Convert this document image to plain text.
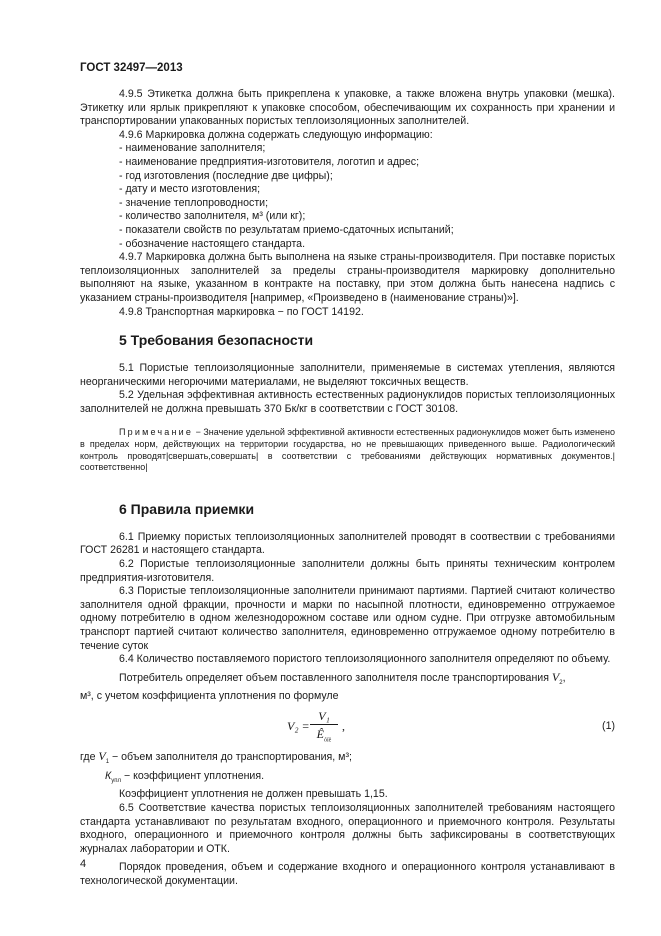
ГОСТ 32497—2013

4.9.5 Этикетка должна быть прикреплена к упаковке, а также вложена внутрь упаковки (мешка). Этикетку или ярлык прикрепляют к упаковке способом, обеспечивающим их сохранность при хранении и транспортировании упакованных пористых теплоизоляционных заполнителей.

4.9.6 Маркировка должна содержать следующую информацию:

- наименование заполнителя;
- наименование предприятия-изготовителя, логотип и адрес;
- год изготовления (последние две цифры);
- дату и место изготовления;
- значение теплопроводности;
- количество заполнителя, м³ (или кг);
- показатели свойств по результатам приемо-сдаточных испытаний;
- обозначение настоящего стандарта.

4.9.7 Маркировка должна быть выполнена на языке страны-производителя. При поставке пористых теплоизоляционных заполнителей за пределы страны-производителя маркировку дополнительно выполняют на языке, указанном в контракте на поставку, при этом должна быть нанесена надпись с указанием страны-производителя [например, «Произведено в (наименование страны)»].

4.9.8 Транспортная маркировка − по ГОСТ 14192.

5 Требования безопасности

5.1 Пористые теплоизоляционные заполнители, применяемые в системах утепления, являются неорганическими негорючими материалами, не выделяют токсичных веществ.

5.2 Удельная эффективная активность естественных радионуклидов пористых теплоизоляционных заполнителей не должна превышать 370 Бк/кг в соответствии с ГОСТ 30108.

Примечание − Значение удельной эффективной активности естественных радионуклидов может быть изменено в пределах норм, действующих на территории государства, но не превышающих приведенного выше. Радиологический контроль проводят|свершать,совершать| в соответствии с требованиями действующих нормативных документов.|соответственно|

6 Правила приемки

6.1 Приемку пористых теплоизоляционных заполнителей проводят в соотвествии с требованиями ГОСТ 26281 и настоящего стандарта.

6.2 Пористые теплоизоляционные заполнители должны быть приняты техническим контролем предприятия-изготовителя.

6.3 Пористые теплоизоляционные заполнители принимают партиями. Партией считают количество заполнителя одной фракции, прочности и марки по насыпной плотности, единовременно отгружаемое одному потребителю в одном железнодорожном составе или одном судне. При отгрузке автомобильным транспорт партией считают количество заполнителя, единовременно отгружаемое одному потребителю в течение суток

6.4 Количество поставляемого пористого теплоизоляционного заполнителя определяют по объему.

Потребитель определяет объем поставленного заполнителя после транспортирования $V_2$,

м³, с учетом коэффициента уплотнения по формуле

V₂ =
V₁
$Ê_{óïë}$
,	(1)

где $V_1$ − объем заполнителя до транспортирования, м³;

$К_{упл}$ − коэффициент уплотнения.

Коэффициент уплотнения не должен превышать 1,15.

6.5 Соответствие качества пористых теплоизоляционных заполнителей требованиям настоящего стандарта устанавливают по результатам входного, операционного и приемочного контроля. Результаты входного, операционного и приемочного контроля должны быть зафиксированы в соответствующих журналах лаборатории и ОТК.

Порядок проведения, объем и содержание входного и операционного контроля устанавливают в технологической документации.

4
